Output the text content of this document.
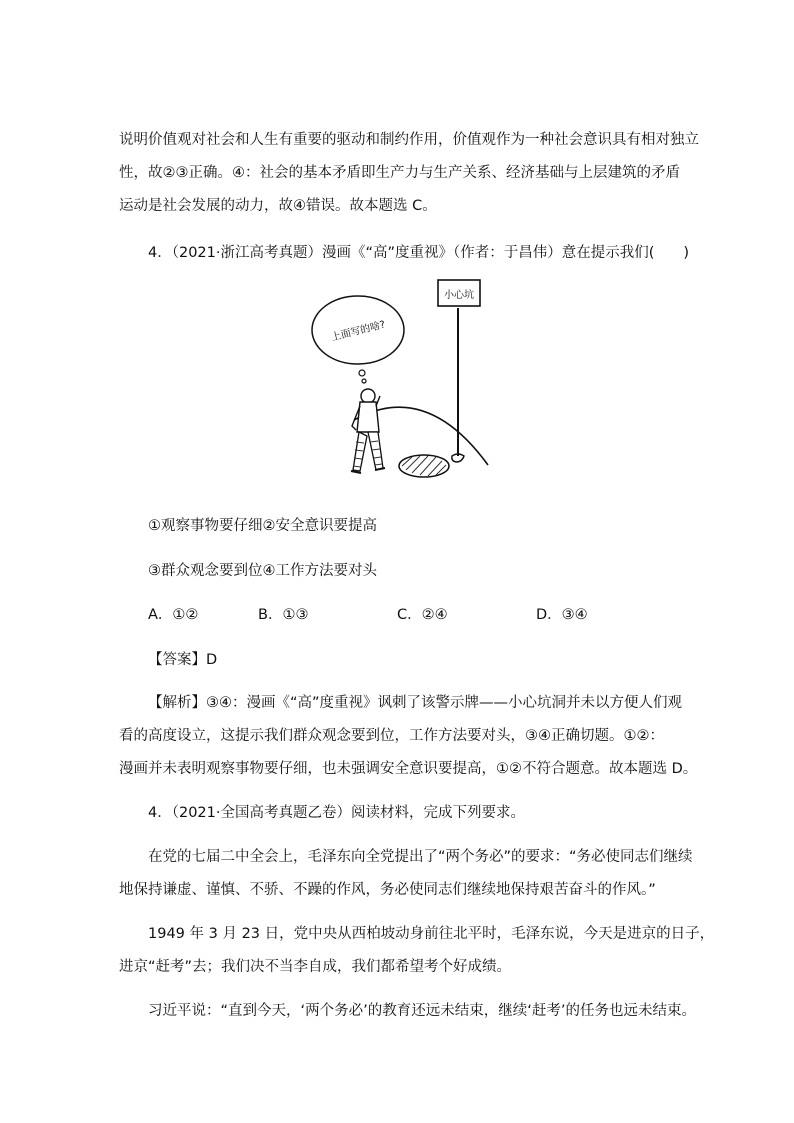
说明价值观对社会和人生有重要的驱动和制约作用，价值观作为一种社会意识具有相对独立
性，故②③正确。④：社会的基本矛盾即生产力与生产关系、经济基础与上层建筑的矛盾
运动是社会发展的动力，故④错误。故本题选 C。
4．（2021·浙江高考真题）漫画《“高”度重视》（作者：于昌伟）意在提示我们(　　)
小心坑
上面写的啥?
①观察事物要仔细②安全意识要提高
③群众观念要到位④工作方法要对头
A．①②	B．①③	C．②④	D．③④
【答案】D
【解析】③④：漫画《“高”度重视》讽刺了该警示牌——小心坑洞并未以方便人们观
看的高度设立，这提示我们群众观念要到位，工作方法要对头，③④正确切题。①②：
漫画并未表明观察事物要仔细，也未强调安全意识要提高，①②不符合题意。故本题选 D。
4．（2021·全国高考真题乙卷）阅读材料，完成下列要求。
在党的七届二中全会上，毛泽东向全党提出了“两个务必”的要求：“务必使同志们继续
地保持谦虚、谨慎、不骄、不躁的作风，务必使同志们继续地保持艰苦奋斗的作风。”
1949 年 3 月 23 日，党中央从西柏坡动身前往北平时，毛泽东说，今天是进京的日子，
进京“赶考”去；我们决不当李自成，我们都希望考个好成绩。
习近平说：“直到今天，‘两个务必’的教育还远未结束，继续‘赶考’的任务也远未结束。
